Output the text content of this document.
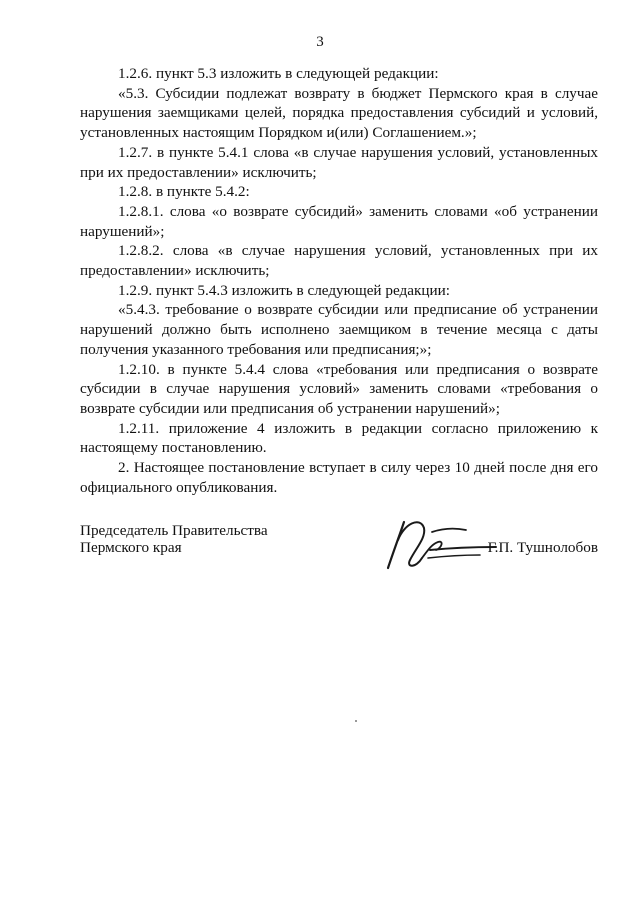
3

1.2.6. пункт 5.3 изложить в следующей редакции:

«5.3. Субсидии подлежат возврату в бюджет Пермского края в случае нарушения заемщиками целей, порядка предоставления субсидий и условий, установленных настоящим Порядком и(или) Соглашением.»;

1.2.7. в пункте 5.4.1 слова «в случае нарушения условий, установленных при их предоставлении» исключить;

1.2.8. в пункте 5.4.2:

1.2.8.1. слова «о возврате субсидий» заменить словами «об устранении нарушений»;

1.2.8.2. слова «в случае нарушения условий, установленных при их предоставлении» исключить;

1.2.9. пункт 5.4.3 изложить в следующей редакции:

«5.4.3. требование о возврате субсидии или предписание об устранении нарушений должно быть исполнено заемщиком в течение месяца с даты получения указанного требования или предписания;»;

1.2.10. в пункте 5.4.4 слова «требования или предписания о возврате субсидии в случае нарушения условий» заменить словами «требования о возврате субсидии или предписания об устранении нарушений»;

1.2.11. приложение 4 изложить в редакции согласно приложению к настоящему постановлению.

2. Настоящее постановление вступает в силу через 10 дней после дня его официального опубликования.

Председатель Правительства
Пермского края	Г.П. Тушнолобов
